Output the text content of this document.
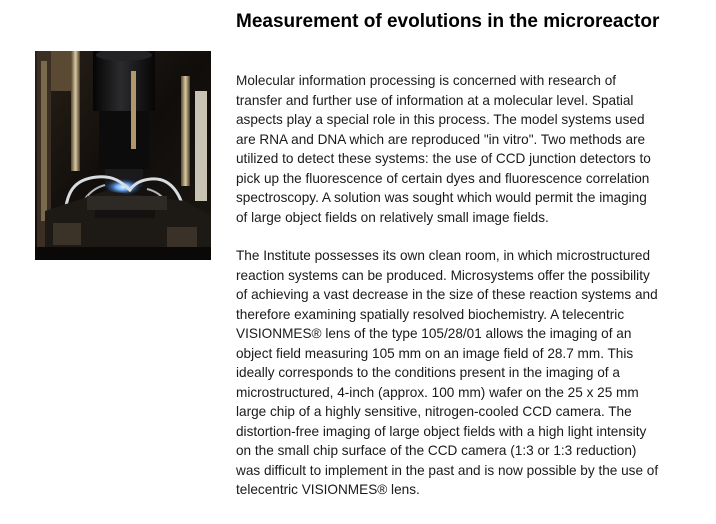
Measurement of evolutions in the microreactor

Molecular information processing is concerned with research of
transfer and further use of information at a molecular level. Spatial
aspects play a special role in this process. The model systems used
are RNA and DNA which are reproduced "in vitro". Two methods are
utilized to detect these systems: the use of CCD junction detectors to
pick up the fluorescence of certain dyes and fluorescence correlation
spectroscopy. A solution was sought which would permit the imaging
of large object fields on relatively small image fields.

The Institute possesses its own clean room, in which microstructured
reaction systems can be produced. Microsystems offer the possibility
of achieving a vast decrease in the size of these reaction systems and
therefore examining spatially resolved biochemistry. A telecentric
VISIONMES® lens of the type 105/28/01 allows the imaging of an
object field measuring 105 mm on an image field of 28.7 mm. This
ideally corresponds to the conditions present in the imaging of a
microstructured, 4-inch (approx. 100 mm) wafer on the 25 x 25 mm
large chip of a highly sensitive, nitrogen-cooled CCD camera. The
distortion-free imaging of large object fields with a high light intensity
on the small chip surface of the CCD camera (1:3 or 1:3 reduction)
was difficult to implement in the past and is now possible by the use of
telecentric VISIONMES® lens.
